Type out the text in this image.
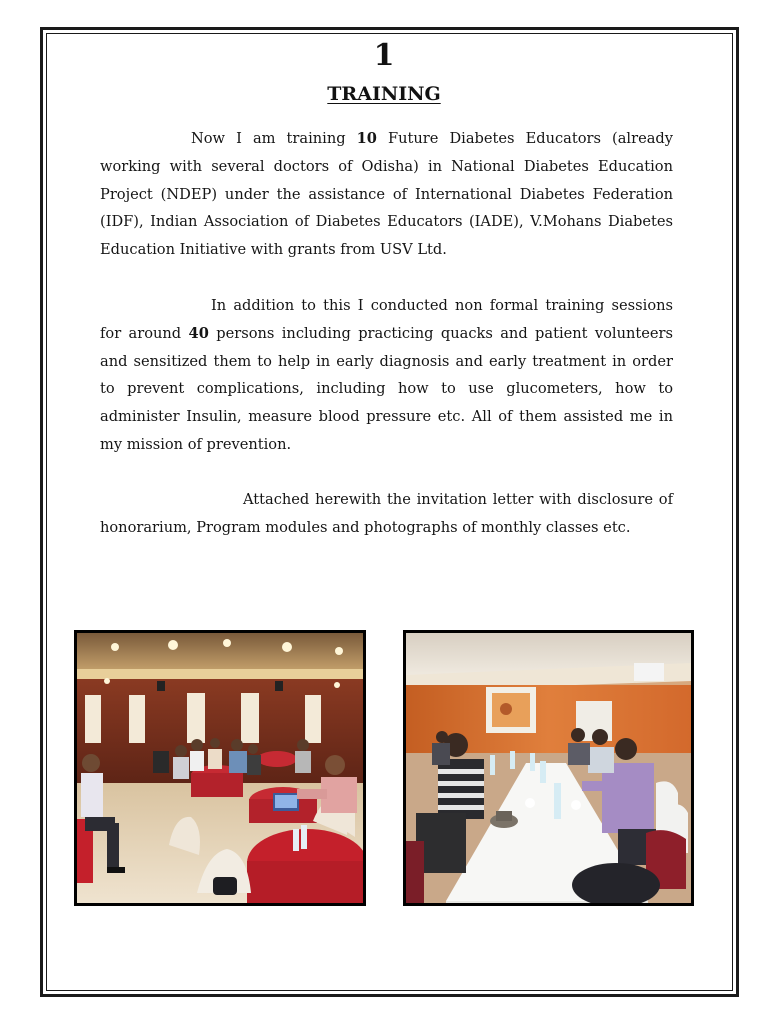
1
TRAINING

Now I am training 10 Future Diabetes Educators (already working with several doctors of Odisha) in National Diabetes Education Project (NDEP) under the assistance of International Diabetes Federation (IDF), Indian Association of Diabetes Educators (IADE), V.Mohans Diabetes Education Initiative with grants from USV Ltd.

In addition to this I conducted non formal training sessions for around 40 persons including practicing quacks and patient volunteers and sensitized them to help in early diagnosis and early treatment in order to prevent complications, including how to use glucometers, how to administer Insulin, measure blood pressure etc. All of them assisted me in my mission of prevention.

Attached herewith the invitation letter with disclosure of honorarium, Program modules and photographs of monthly classes etc.
